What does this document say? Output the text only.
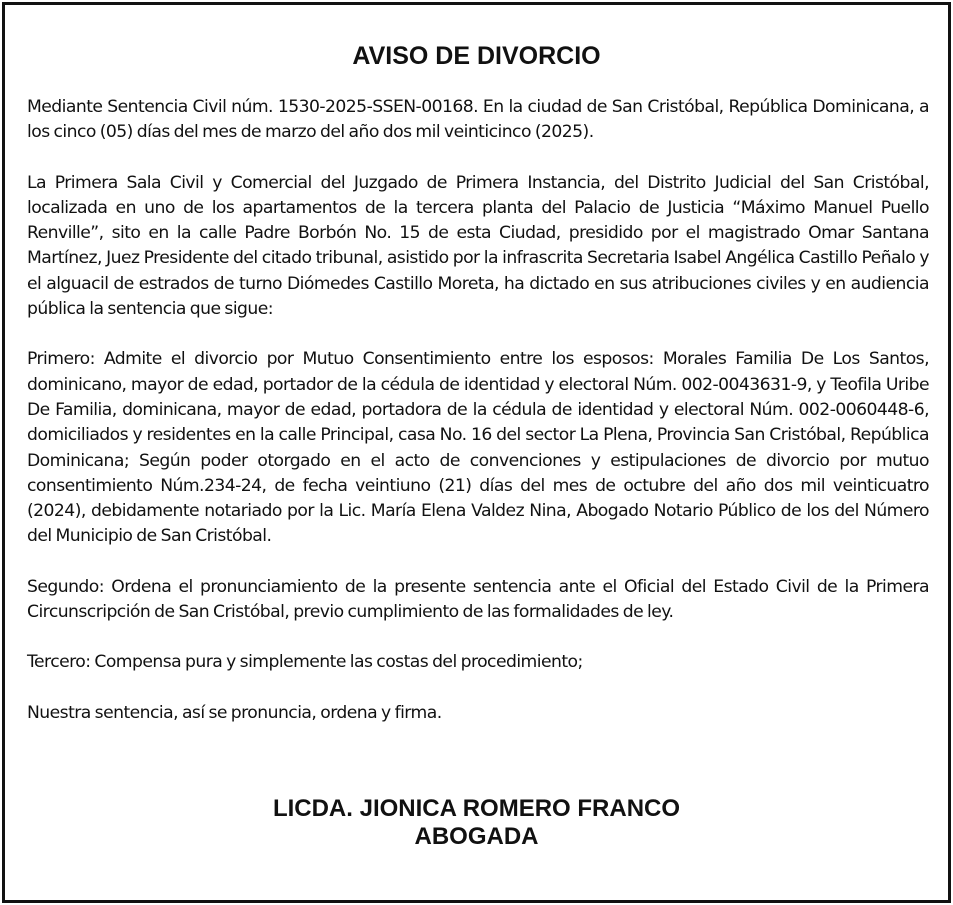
AVISO DE DIVORCIO

Mediante Sentencia Civil núm. 1530-2025-SSEN-00168. En la ciudad de San Cristóbal, República Dominicana, a los cinco (05) días del mes de marzo del año dos mil veinticinco (2025).

La Primera Sala Civil y Comercial del Juzgado de Primera Instancia, del Distrito Judicial del San Cristóbal, localizada en uno de los apartamentos de la tercera planta del Palacio de Justicia “Máximo Manuel Puello Renville”, sito en la calle Padre Borbón No. 15 de esta Ciudad, presidido por el magistrado Omar Santana Martínez, Juez Presidente del citado tribunal, asistido por la infrascrita Secretaria Isabel Angélica Castillo Peñalo y el alguacil de estrados de turno Diómedes Castillo Moreta, ha dictado en sus atribuciones civiles y en audiencia pública la sentencia que sigue:

Primero: Admite el divorcio por Mutuo Consentimiento entre los esposos: Morales Familia De Los Santos, dominicano, mayor de edad, portador de la cédula de identidad y electoral Núm. 002-0043631-9, y Teofila Uribe De Familia, dominicana, mayor de edad, portadora de la cédula de identidad y electoral Núm. 002-0060448-6, domiciliados y residentes en la calle Principal, casa No. 16 del sector La Plena, Provincia San Cristóbal, República Dominicana; Según poder otorgado en el acto de convenciones y estipulaciones de divorcio por mutuo consentimiento Núm.234-24, de fecha veintiuno (21) días del mes de octubre del año dos mil veinticuatro (2024), debidamente notariado por la Lic. María Elena Valdez Nina, Abogado Notario Público de los del Número del Municipio de San Cristóbal.

Segundo: Ordena el pronunciamiento de la presente sentencia ante el Oficial del Estado Civil de la Primera Circunscripción de San Cristóbal, previo cumplimiento de las formalidades de ley.

Tercero: Compensa pura y simplemente las costas del procedimiento;

Nuestra sentencia, así se pronuncia, ordena y firma.

LICDA. JIONICA ROMERO FRANCO
ABOGADA
